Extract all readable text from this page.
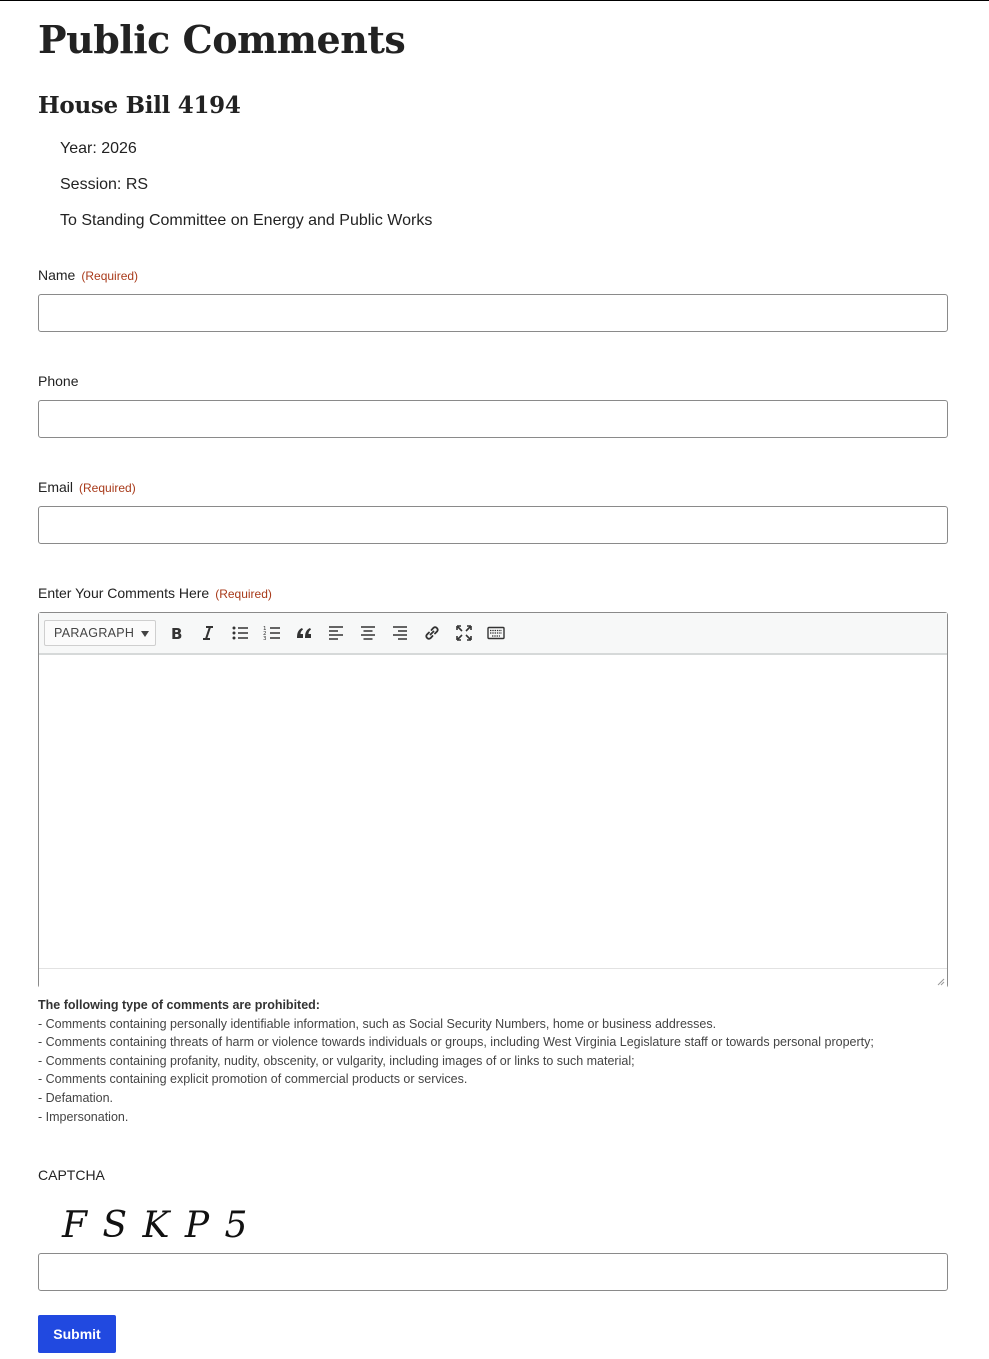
Public Comments
House Bill 4194
Year: 2026
Session: RS
To Standing Committee on Energy and Public Works
Name (Required)
Phone
Email (Required)
Enter Your Comments Here (Required)
PARAGRAPH	B	1
2
3
The following type of comments are prohibited:
- Comments containing personally identifiable information, such as Social Security Numbers, home or business addresses.
- Comments containing threats of harm or violence towards individuals or groups, including West Virginia Legislature staff or towards personal property;
- Comments containing profanity, nudity, obscenity, or vulgarity, including images of or links to such material;
- Comments containing explicit promotion of commercial products or services.
- Defamation.
- Impersonation.
CAPTCHA
F S K P 5
Submit
